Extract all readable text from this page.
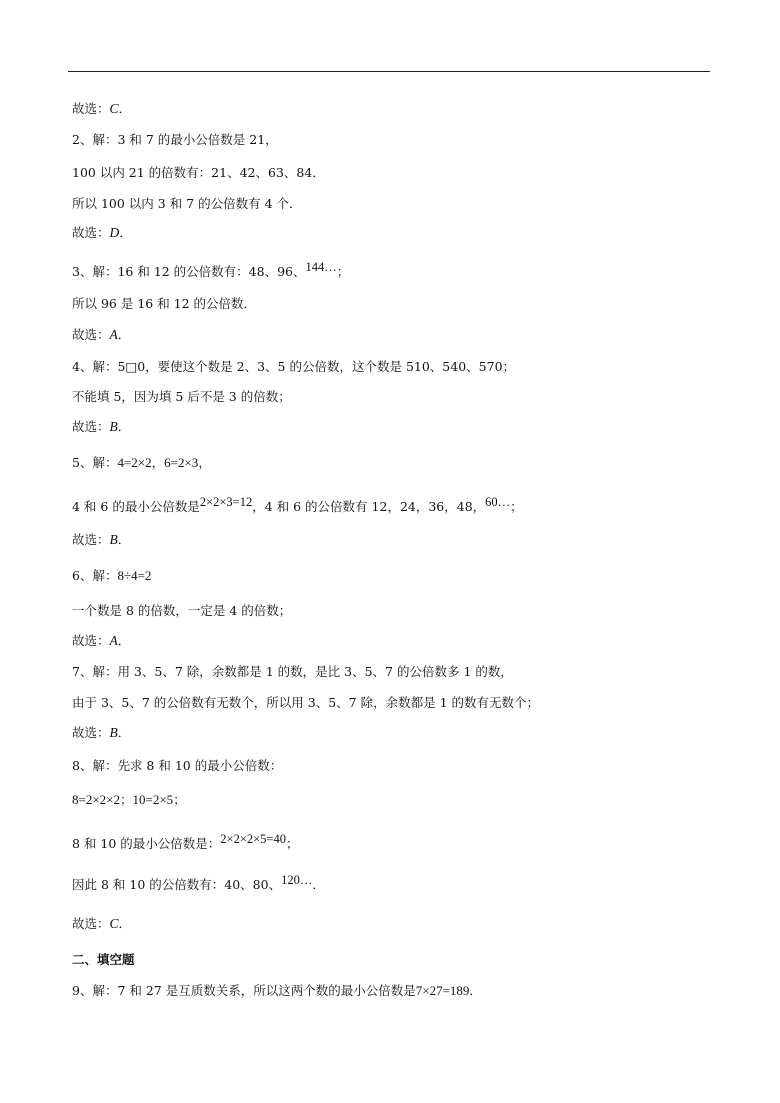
故选：C．
2、解：3 和 7 的最小公倍数是 21，
100 以内 21 的倍数有：21、42、63、84．
所以 100 以内 3 和 7 的公倍数有 4 个．
故选：D．
3、解：16 和 12 的公倍数有：48、96、144…；
所以 96 是 16 和 12 的公倍数．
故选：A．
4、解：5□0，要使这个数是 2、3、5 的公倍数，这个数是 510、540、570；
不能填 5，因为填 5 后不是 3 的倍数；
故选：B．
5、解：4=2×2，6=2×3，
4 和 6 的最小公倍数是2×2×3=12，4 和 6 的公倍数有 12，24，36，48，60…；
故选：B．
6、解：8÷4=2
一个数是 8 的倍数，一定是 4 的倍数；
故选：A．
7、解：用 3、5、7 除，余数都是 1 的数，是比 3、5、7 的公倍数多 1 的数，
由于 3、5、7 的公倍数有无数个，所以用 3、5、7 除，余数都是 1 的数有无数个；
故选：B．
8、解：先求 8 和 10 的最小公倍数：
8=2×2×2；10=2×5；
8 和 10 的最小公倍数是：2×2×2×5=40；
因此 8 和 10 的公倍数有：40、80、120…．
故选：C．
二、填空题
9、解：7 和 27 是互质数关系，所以这两个数的最小公倍数是7×27=189．
